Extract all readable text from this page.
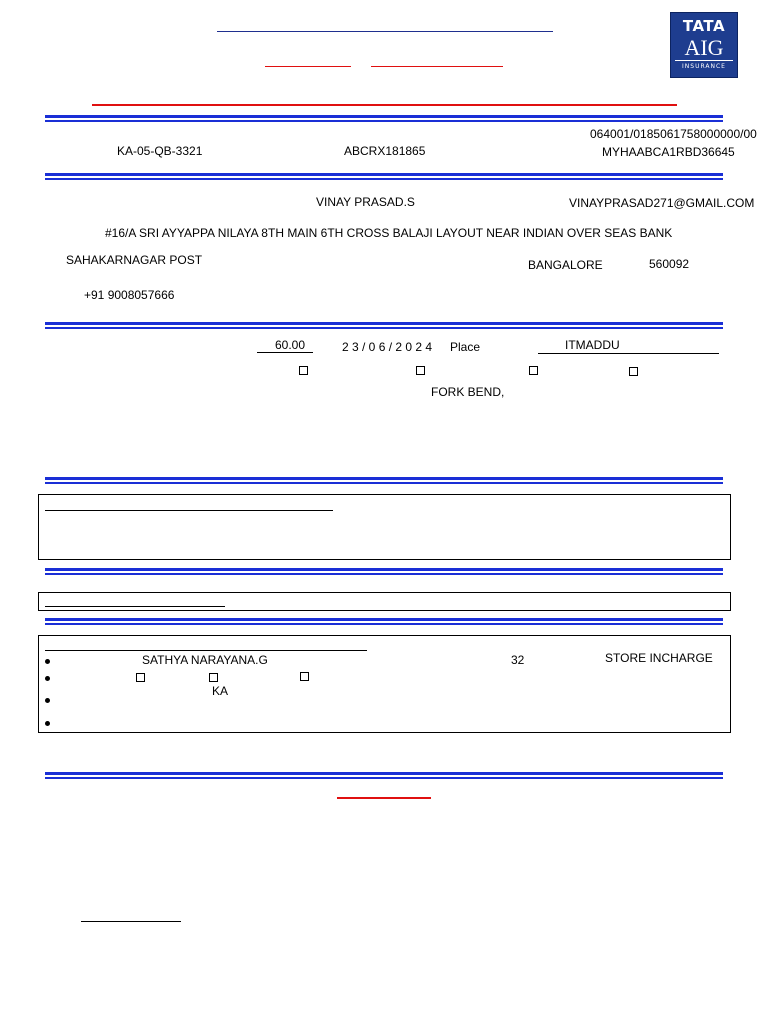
TATA
AIG
INSURANCE
KA-05-QB-3321	ABCRX181865
064001/0185061758000000/00
MYHAABCA1RBD36645
VINAY PRASAD.S	VINAYPRASAD271@GMAIL.COM
#16/A SRI AYYAPPA NILAYA 8TH MAIN 6TH CROSS BALAJI LAYOUT NEAR INDIAN OVER SEAS BANK
SAHAKARNAGAR POST	BANGALORE	560092
+91 9008057666
60.00	2 3 / 0 6 / 2 0 2 4 Place	ITMADDU
FORK BEND,
SATHYA NARAYANA.G	32	STORE INCHARGE
KA
